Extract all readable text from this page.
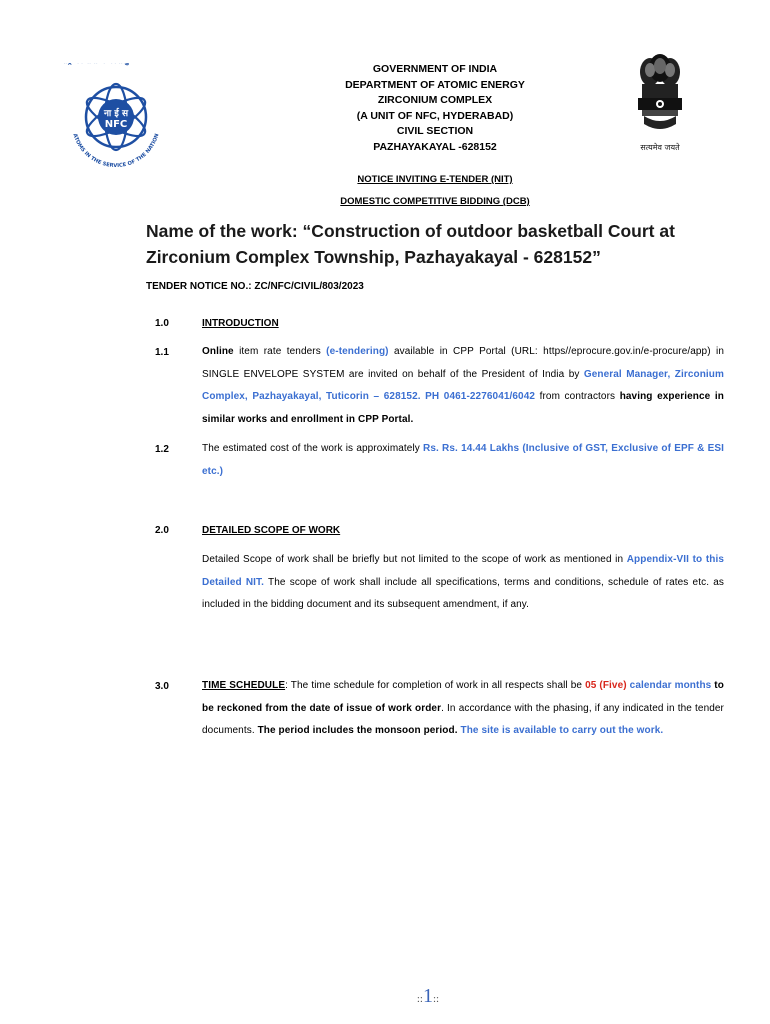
ना ई स
NFC
ATOMS IN THE SERVICE OF THE NATION
GOVERNMENT OF INDIA
DEPARTMENT OF ATOMIC ENERGY
ZIRCONIUM COMPLEX
(A UNIT OF NFC, HYDERABAD)
CIVIL SECTION
PAZHAYAKAYAL -628152	सत्यमेव जयते
NOTICE INVITING E-TENDER (NIT)
DOMESTIC COMPETITIVE BIDDING (DCB)
Name of the work: “Construction of outdoor basketball Court at
Zirconium Complex Township, Pazhayakayal - 628152”
TENDER NOTICE NO.: ZC/NFC/CIVIL/803/2023
1.0	INTRODUCTION
1.1	Online item rate tenders (e-tendering) available in CPP Portal (URL: https//eprocure.gov.in/e-procure/app) in SINGLE ENVELOPE SYSTEM are invited on behalf of the President of India by General Manager, Zirconium Complex, Pazhayakayal, Tuticorin – 628152. PH 0461-2276041/6042 from contractors having experience in similar works and enrollment in CPP Portal.
1.2	The estimated cost of the work is approximately Rs. Rs. 14.44 Lakhs (Inclusive of GST, Exclusive of EPF & ESI etc.)
2.0	DETAILED SCOPE OF WORK
Detailed Scope of work shall be briefly but not limited to the scope of work as mentioned in Appendix-VII to this Detailed NIT. The scope of work shall include all specifications, terms and conditions, schedule of rates etc. as included in the bidding document and its subsequent amendment, if any.
3.0	TIME SCHEDULE: The time schedule for completion of work in all respects shall be 05 (Five) calendar months to be reckoned from the date of issue of work order. In accordance with the phasing, if any indicated in the tender documents. The period includes the monsoon period. The site is available to carry out the work.
::1::
